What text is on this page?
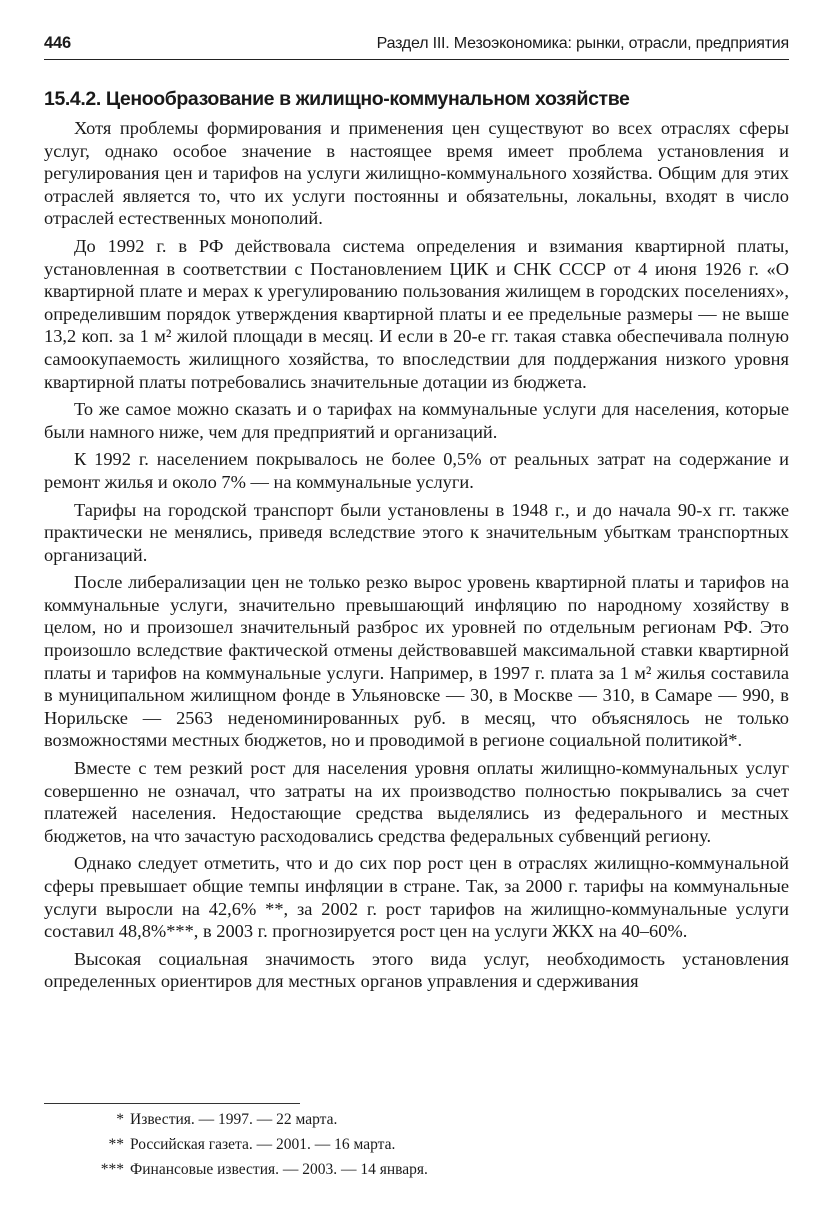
446	Раздел III. Мезоэкономика: рынки, отрасли, предприятия
15.4.2. Ценообразование в жилищно-коммунальном хозяйстве

Хотя проблемы формирования и применения цен существуют во всех отраслях сферы услуг, однако особое значение в настоящее время имеет проблема установления и регулирования цен и тарифов на услуги жилищно-коммунального хозяйства. Общим для этих отраслей является то, что их услуги постоянны и обязательны, локальны, входят в число отраслей естественных монополий.

До 1992 г. в РФ действовала система определения и взимания квартирной платы, установленная в соответствии с Постановлением ЦИК и СНК СССР от 4 июня 1926 г. «О квартирной плате и мерах к урегулированию пользования жилищем в городских поселениях», определившим порядок утверждения квартирной платы и ее предельные размеры — не выше 13,2 коп. за 1 м² жилой площади в месяц. И если в 20-е гг. такая ставка обеспечивала полную самоокупаемость жилищного хозяйства, то впоследствии для поддержания низкого уровня квартирной платы потребовались значительные дотации из бюджета.

То же самое можно сказать и о тарифах на коммунальные услуги для населения, которые были намного ниже, чем для предприятий и организаций.

К 1992 г. населением покрывалось не более 0,5% от реальных затрат на содержание и ремонт жилья и около 7% — на коммунальные услуги.

Тарифы на городской транспорт были установлены в 1948 г., и до начала 90-х гг. также практически не менялись, приведя вследствие этого к значительным убыткам транспортных организаций.

После либерализации цен не только резко вырос уровень квартирной платы и тарифов на коммунальные услуги, значительно превышающий инфляцию по народному хозяйству в целом, но и произошел значительный разброс их уровней по отдельным регионам РФ. Это произошло вследствие фактической отмены действовавшей максимальной ставки квартирной платы и тарифов на коммунальные услуги. Например, в 1997 г. плата за 1 м² жилья составила в муниципальном жилищном фонде в Ульяновске — 30, в Москве — 310, в Самаре — 990, в Норильске — 2563 неденоминированных руб. в месяц, что объяснялось не только возможностями местных бюджетов, но и проводимой в регионе социальной политикой*.

Вместе с тем резкий рост для населения уровня оплаты жилищно-коммунальных услуг совершенно не означал, что затраты на их производство полностью покрывались за счет платежей населения. Недостающие средства выделялись из федерального и местных бюджетов, на что зачастую расходовались средства федеральных субвенций региону.

Однако следует отметить, что и до сих пор рост цен в отраслях жилищно-коммунальной сферы превышает общие темпы инфляции в стране. Так, за 2000 г. тарифы на коммунальные услуги выросли на 42,6% **, за 2002 г. рост тарифов на жилищно-коммунальные услуги составил 48,8%***, в 2003 г. прогнозируется рост цен на услуги ЖКХ на 40–60%.

Высокая социальная значимость этого вида услуг, необходимость установления определенных ориентиров для местных органов управления и сдерживания

* Известия. — 1997. — 22 марта.
** Российская газета. — 2001. — 16 марта.
*** Финансовые известия. — 2003. — 14 января.
